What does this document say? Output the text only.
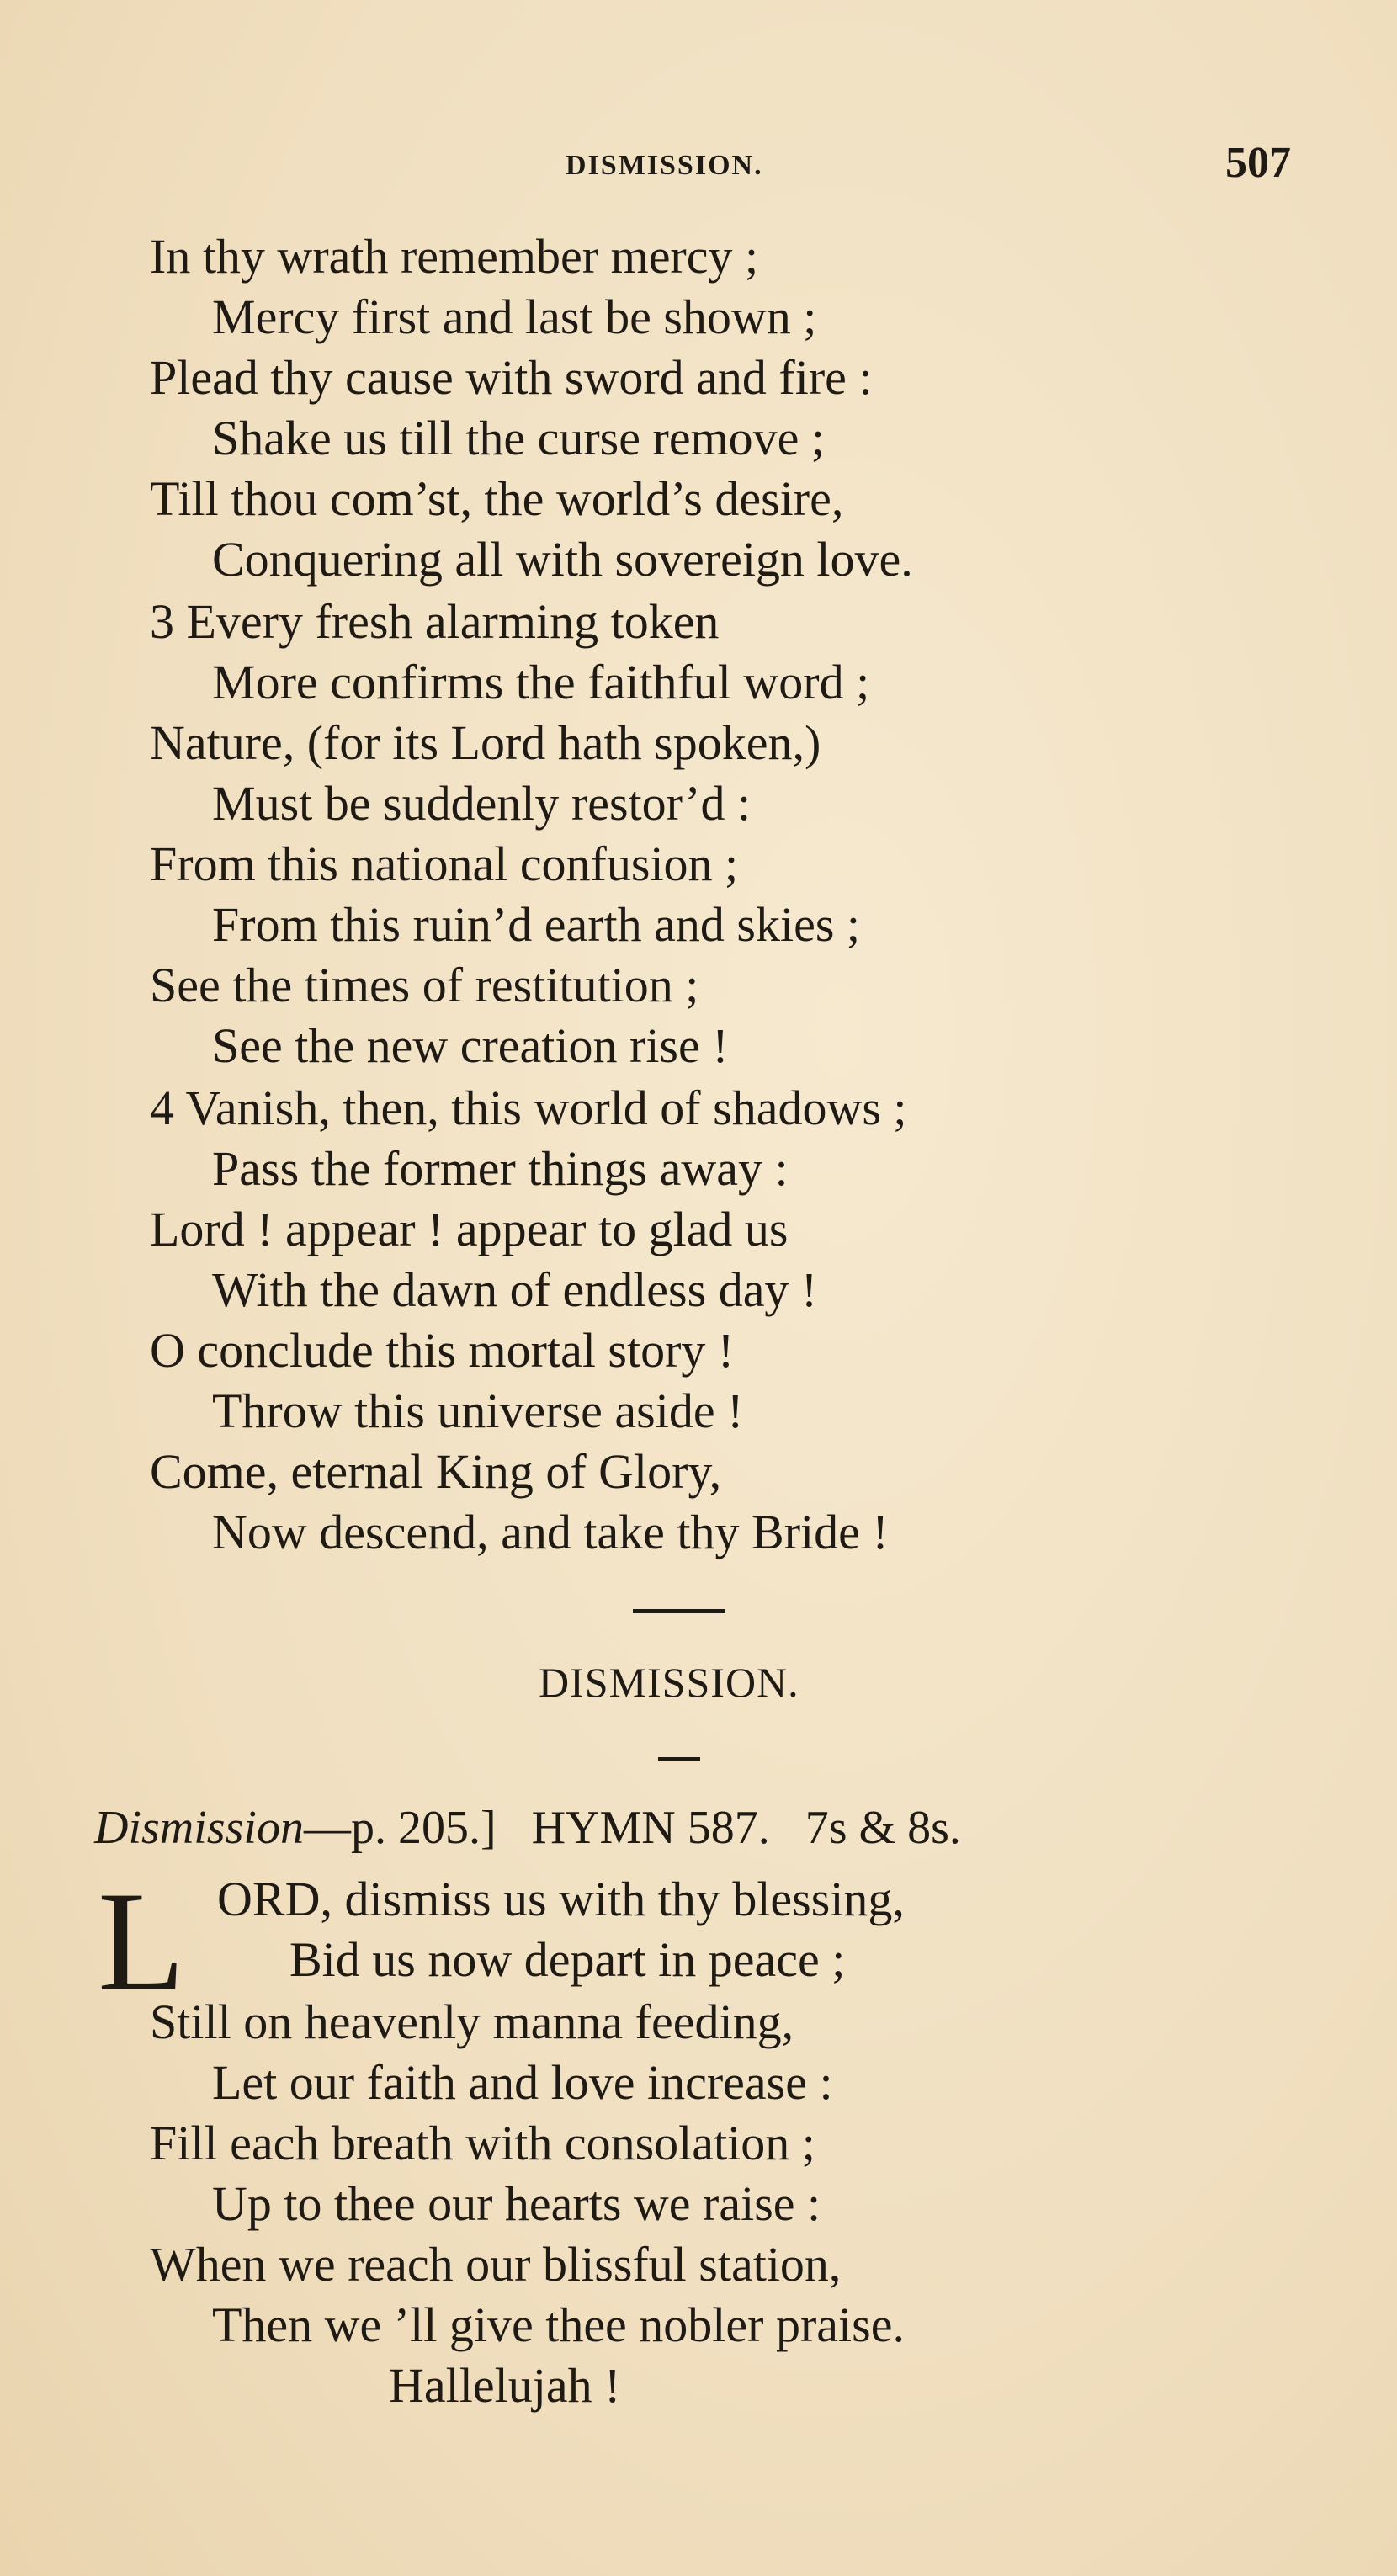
DISMISSION.	507
In thy wrath remember mercy ;
Mercy first and last be shown ;
Plead thy cause with sword and fire :
Shake us till the curse remove ;
Till thou com’st, the world’s desire,
Conquering all with sovereign love.
3 Every fresh alarming token
More confirms the faithful word ;
Nature, (for its Lord hath spoken,)
Must be suddenly restor’d :
From this national confusion ;
From this ruin’d earth and skies ;
See the times of restitution ;
See the new creation rise !
4 Vanish, then, this world of shadows ;
Pass the former things away :
Lord ! appear ! appear to glad us
With the dawn of endless day !
O conclude this mortal story !
Throw this universe aside !
Come, eternal King of Glory,
Now descend, and take thy Bride !
DISMISSION.
Dismission—p. 205.] HYMN 587. 7s & 8s.
L ORD, dismiss us with thy blessing,
Bid us now depart in peace ;
Still on heavenly manna feeding,
Let our faith and love increase :
Fill each breath with consolation ;
Up to thee our hearts we raise :
When we reach our blissful station,
Then we ’ll give thee nobler praise.
Hallelujah !
